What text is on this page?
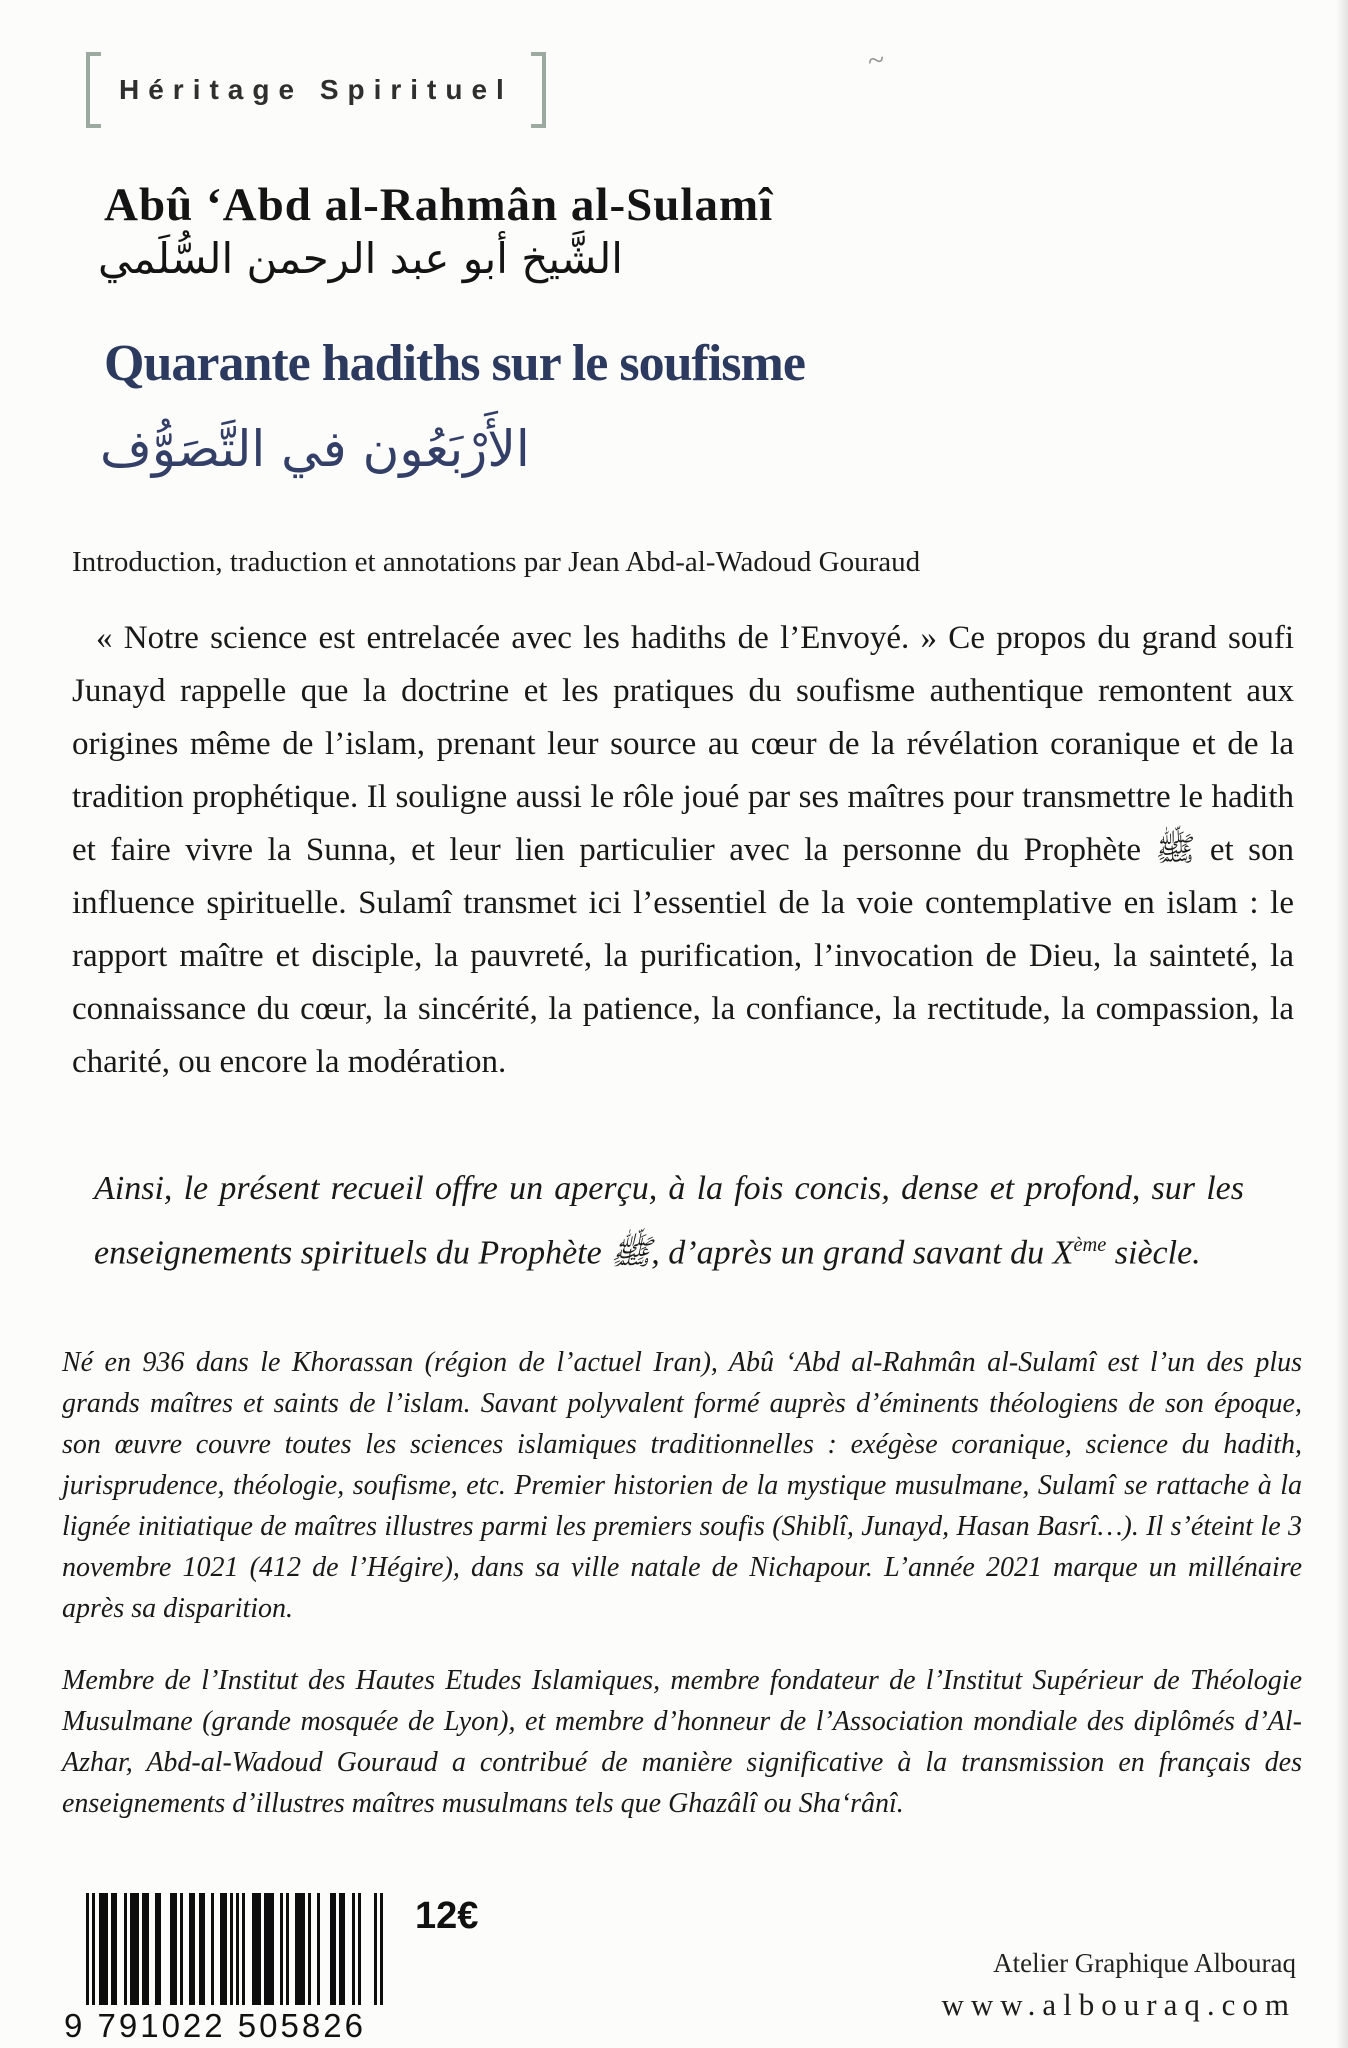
Héritage Spirituel
~
Abû ‘Abd al-Rahmân al-Sulamî
الشَّيخ أبو عبد الرحمن السُّلَمي
Quarante hadiths sur le soufisme
الأَرْبَعُون في التَّصَوُّف
Introduction, traduction et annotations par Jean Abd-al-Wadoud Gouraud

« Notre science est entrelacée avec les hadiths de l’Envoyé. » Ce propos du grand soufi Junayd rappelle que la doctrine et les pratiques du soufisme authentique remontent aux origines même de l’islam, prenant leur source au cœur de la révélation coranique et de la tradition prophétique. Il souligne aussi le rôle joué par ses maîtres pour transmettre le hadith et faire vivre la Sunna, et leur lien particulier avec la personne du Prophète ﷺ et son influence spirituelle. Sulamî transmet ici l’essentiel de la voie contemplative en islam : le rapport maître et disciple, la pauvreté, la purification, l’invocation de Dieu, la sainteté, la connaissance du cœur, la sincérité, la patience, la confiance, la rectitude, la compassion, la charité, ou encore la modération.

Ainsi, le présent recueil offre un aperçu, à la fois concis, dense et profond, sur les enseignements spirituels du Prophète ﷺ, d’après un grand savant du Xème siècle.

Né en 936 dans le Khorassan (région de l’actuel Iran), Abû ‘Abd al-Rahmân al-Sulamî est l’un des plus grands maîtres et saints de l’islam. Savant polyvalent formé auprès d’éminents théologiens de son époque, son œuvre couvre toutes les sciences islamiques traditionnelles : exégèse coranique, science du hadith, jurisprudence, théologie, soufisme, etc. Premier historien de la mystique musulmane, Sulamî se rattache à la lignée initiatique de maîtres illustres parmi les premiers soufis (Shiblî, Junayd, Hasan Basrî…). Il s’éteint le 3 novembre 1021 (412 de l’Hégire), dans sa ville natale de Nichapour. L’année 2021 marque un millénaire après sa disparition.

Membre de l’Institut des Hautes Etudes Islamiques, membre fondateur de l’Institut Supérieur de Théologie Musulmane (grande mosquée de Lyon), et membre d’honneur de l’Association mondiale des diplômés d’Al-Azhar, Abd-al-Wadoud Gouraud a contribué de manière significative à la transmission en français des enseignements d’illustres maîtres musulmans tels que Ghazâlî ou Sha‘rânî.

9 791022 505826
12€
Atelier Graphique Albouraq
www.albouraq.com
